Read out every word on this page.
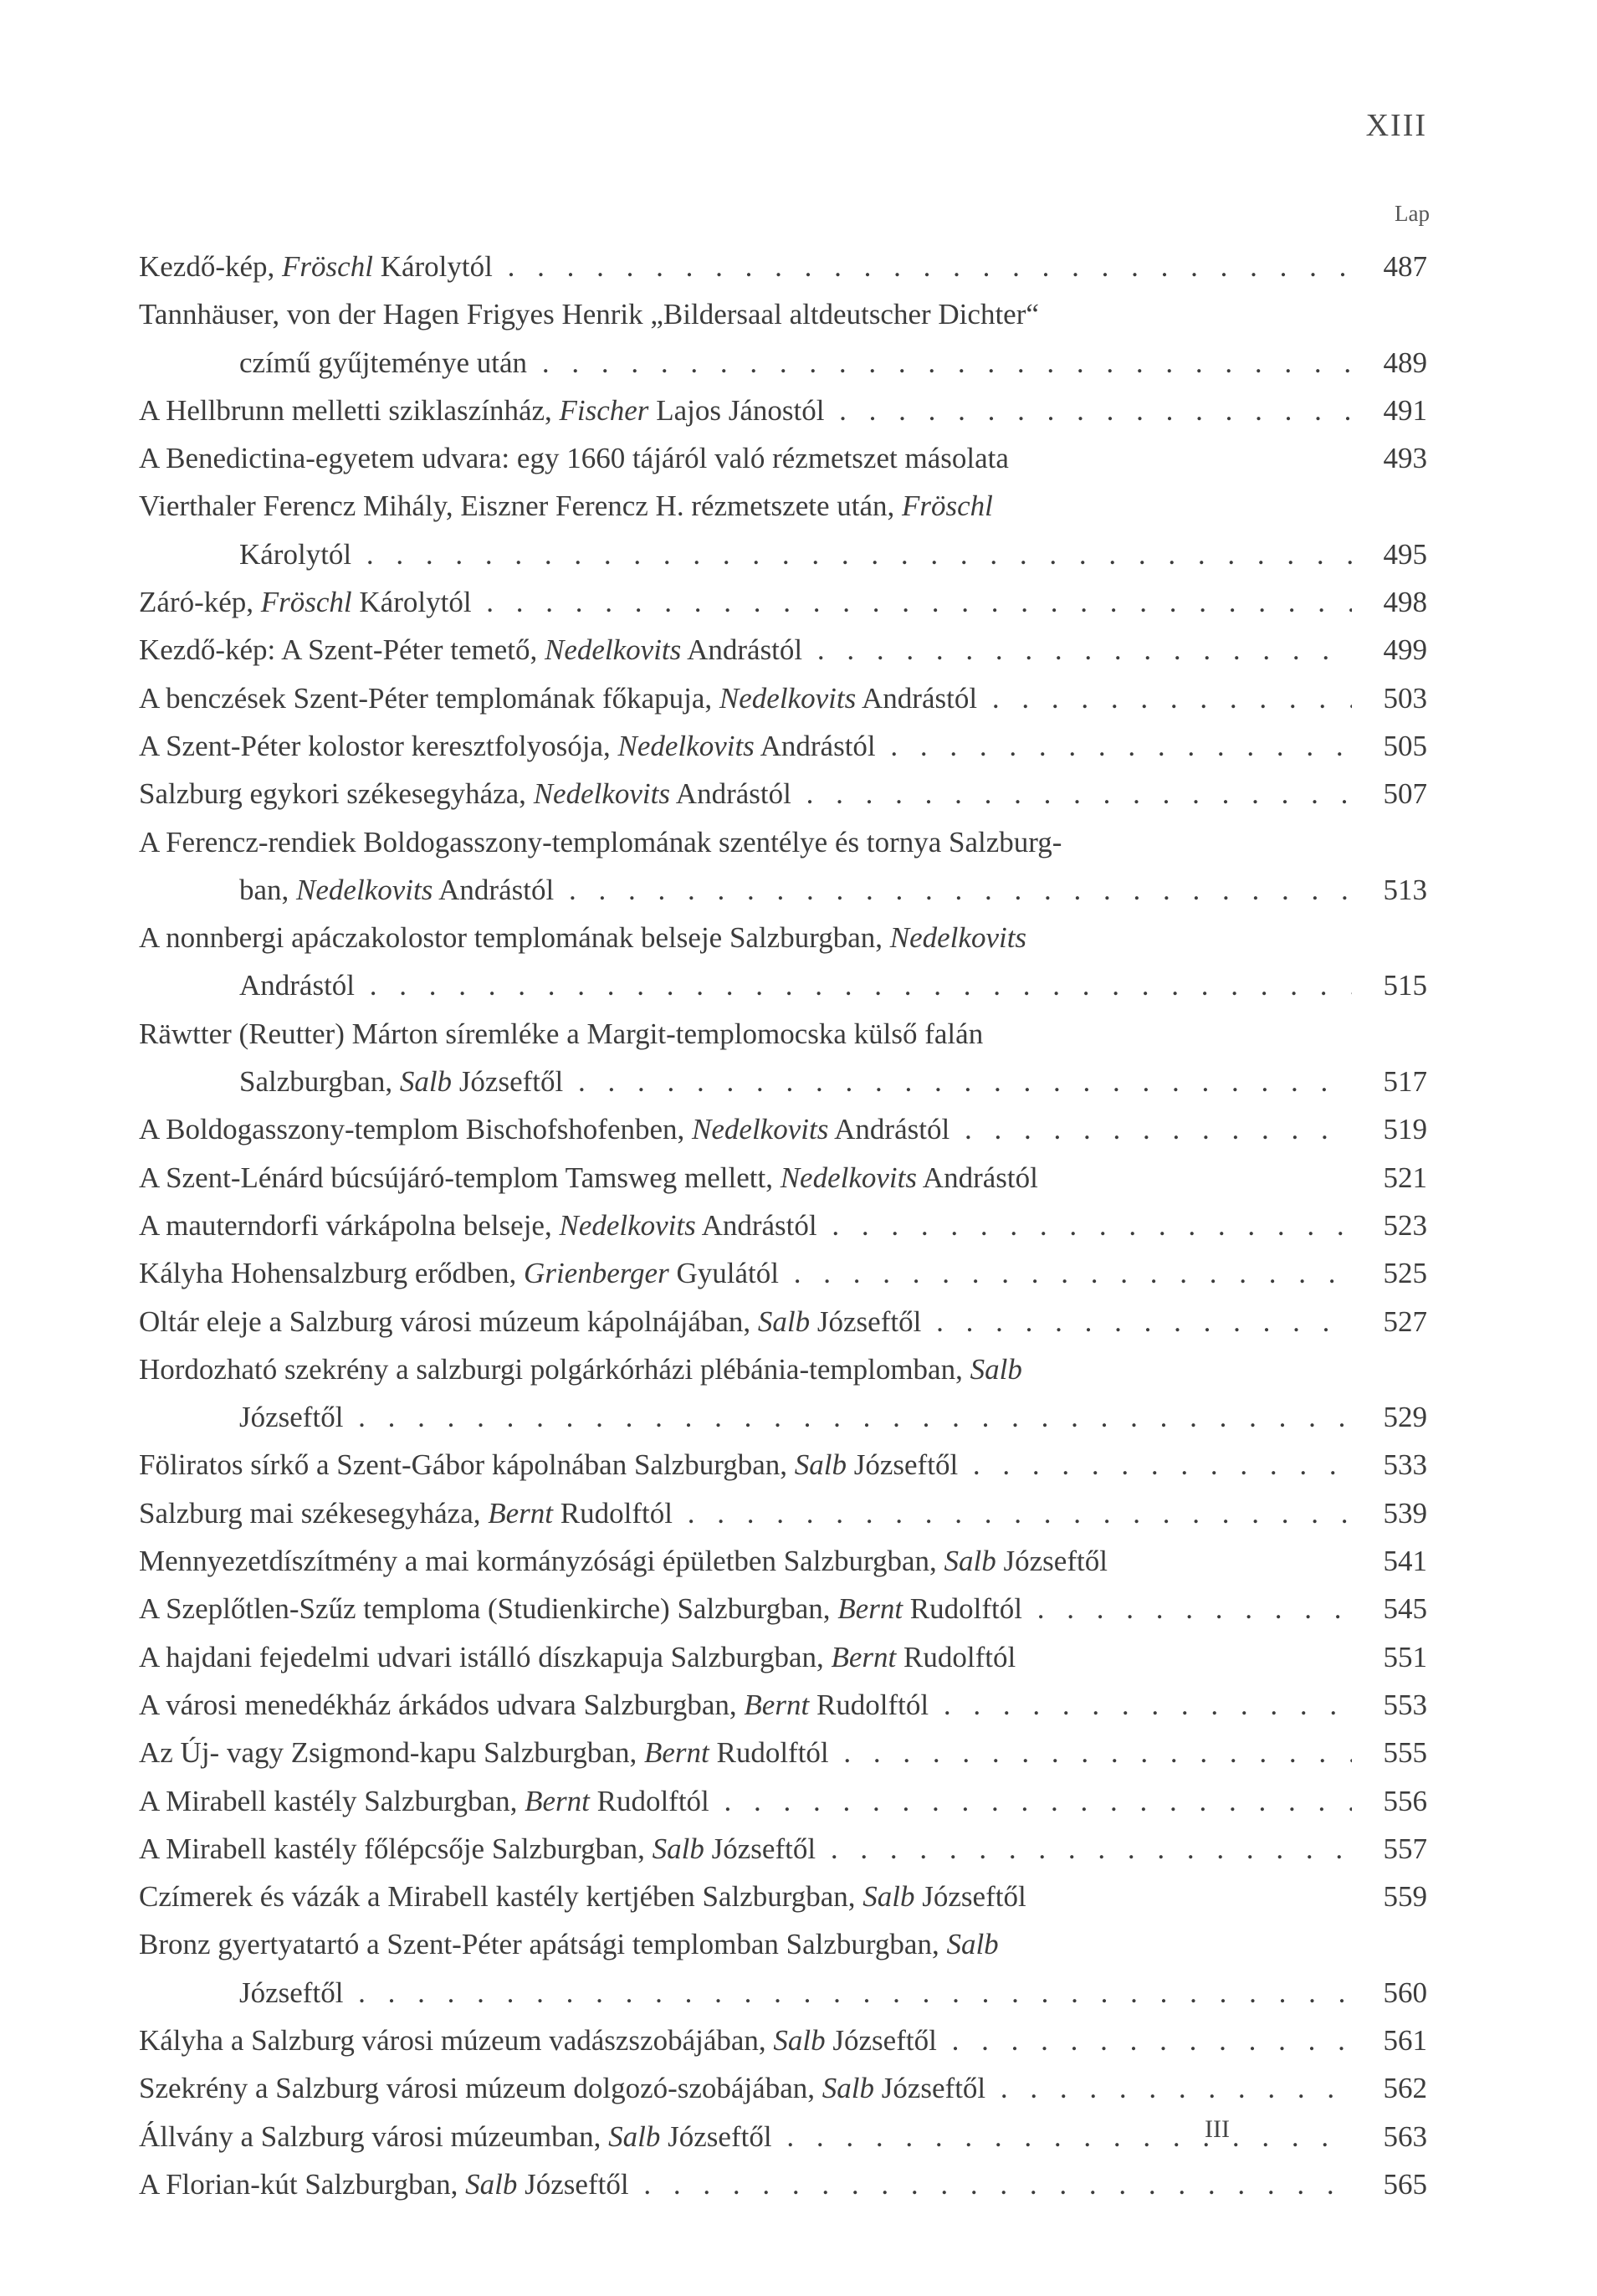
XIII
Lap
Kezdő-kép, Fröschl Károlytól . . .	487
Tannhäuser, von der Hagen Frigyes Henrik „Bildersaal altdeutscher Dichter“
czímű gyűjteménye után . . .	489
A Hellbrunn melletti sziklaszínház, Fischer Lajos Jánostól . . .	491
A Benedictina-egyetem udvara: egy 1660 tájáról való rézmetszet másolata	493
Vierthaler Ferencz Mihály, Eiszner Ferencz H. rézmetszete után, Fröschl
Károlytól . . .	495
Záró-kép, Fröschl Károlytól . . .	498
Kezdő-kép: A Szent-Péter temető, Nedelkovits Andrástól . . .	499
A benczések Szent-Péter templomának főkapuja, Nedelkovits Andrástól . . .	503
A Szent-Péter kolostor keresztfolyosója, Nedelkovits Andrástól . . .	505
Salzburg egykori székesegyháza, Nedelkovits Andrástól . . .	507
A Ferencz-rendiek Boldogasszony-templomának szentélye és tornya Salzburg-
ban, Nedelkovits Andrástól . . .	513
A nonnbergi apáczakolostor templomának belseje Salzburgban, Nedelkovits
Andrástól . . .	515
Räwtter (Reutter) Márton síremléke a Margit-templomocska külső falán
Salzburgban, Salb Józseftől . . .	517
A Boldogasszony-templom Bischofshofenben, Nedelkovits Andrástól . . .	519
A Szent-Lénárd búcsújáró-templom Tamsweg mellett, Nedelkovits Andrástól	521
A mauterndorfi várkápolna belseje, Nedelkovits Andrástól . . .	523
Kályha Hohensalzburg erődben, Grienberger Gyulától . . .	525
Oltár eleje a Salzburg városi múzeum kápolnájában, Salb Józseftől . . .	527
Hordozható szekrény a salzburgi polgárkórházi plébánia-templomban, Salb
Józseftől . . .	529
Föliratos sírkő a Szent-Gábor kápolnában Salzburgban, Salb Józseftől . . .	533
Salzburg mai székesegyháza, Bernt Rudolftól . . .	539
Mennyezetdíszítmény a mai kormányzósági épületben Salzburgban, Salb Józseftől	541
A Szeplőtlen-Szűz temploma (Studienkirche) Salzburgban, Bernt Rudolftól . . .	545
A hajdani fejedelmi udvari istálló díszkapuja Salzburgban, Bernt Rudolftól	551
A városi menedékház árkádos udvara Salzburgban, Bernt Rudolftól . . .	553
Az Új- vagy Zsigmond-kapu Salzburgban, Bernt Rudolftól . . .	555
A Mirabell kastély Salzburgban, Bernt Rudolftól . . .	556
A Mirabell kastély főlépcsője Salzburgban, Salb Józseftől . . .	557
Czímerek és vázák a Mirabell kastély kertjében Salzburgban, Salb Józseftől	559
Bronz gyertyatartó a Szent-Péter apátsági templomban Salzburgban, Salb
Józseftől . . .	560
Kályha a Salzburg városi múzeum vadászszobájában, Salb Józseftől . . .	561
Szekrény a Salzburg városi múzeum dolgozó-szobájában, Salb Józseftől . . .	562
Állvány a Salzburg városi múzeumban, Salb Józseftől . . .	563
A Florian-kút Salzburgban, Salb Józseftől . . .	565
III
